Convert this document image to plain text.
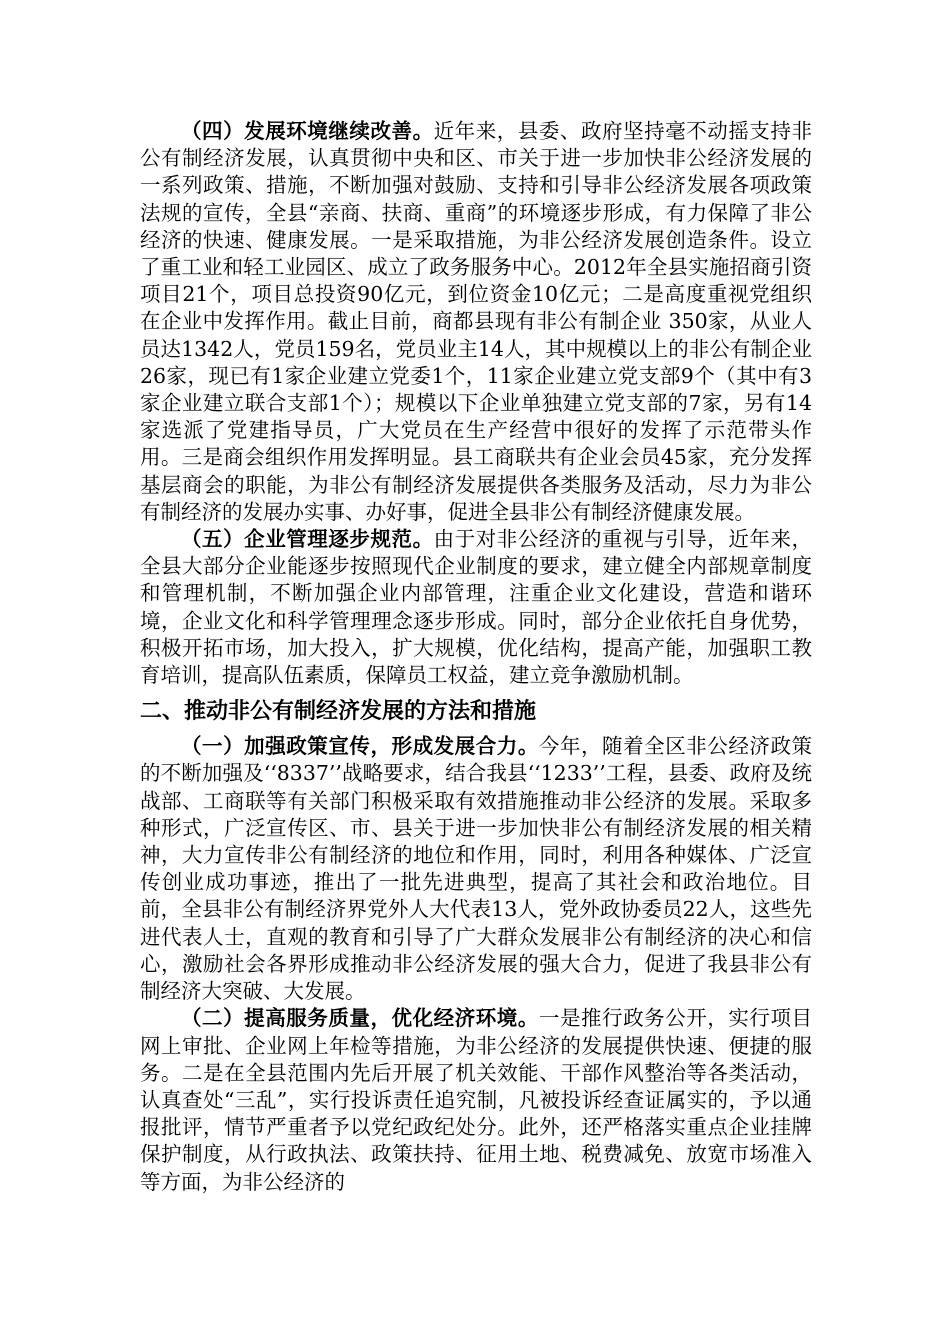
（四）发展环境继续改善。近年来，县委、政府坚持毫不动摇支持非公有制经济发展，认真贯彻中央和区、市关于进一步加快非公经济发展的一系列政策、措施，不断加强对鼓励、支持和引导非公经济发展各项政策法规的宣传，全县“亲商、扶商、重商”的环境逐步形成，有力保障了非公经济的快速、健康发展。一是采取措施，为非公经济发展创造条件。设立了重工业和轻工业园区、成立了政务服务中心。2012年全县实施招商引资项目21个，项目总投资90亿元，到位资金10亿元；二是高度重视党组织在企业中发挥作用。截止目前，商都县现有非公有制企业 350家，从业人员达1342人，党员159名，党员业主14人，其中规模以上的非公有制企业26家，现已有1家企业建立党委1个，11家企业建立党支部9个（其中有3家企业建立联合支部1个）；规模以下企业单独建立党支部的7家，另有14家选派了党建指导员，广大党员在生产经营中很好的发挥了示范带头作用。三是商会组织作用发挥明显。县工商联共有企业会员45家，充分发挥基层商会的职能，为非公有制经济发展提供各类服务及活动，尽力为非公有制经济的发展办实事、办好事，促进全县非公有制经济健康发展。

（五）企业管理逐步规范。由于对非公经济的重视与引导，近年来，全县大部分企业能逐步按照现代企业制度的要求，建立健全内部规章制度和管理机制，不断加强企业内部管理，注重企业文化建设，营造和谐环境，企业文化和科学管理理念逐步形成。同时，部分企业依托自身优势，积极开拓市场，加大投入，扩大规模，优化结构，提高产能，加强职工教育培训，提高队伍素质，保障员工权益，建立竞争激励机制。

二、推动非公有制经济发展的方法和措施

（一）加强政策宣传，形成发展合力。今年，随着全区非公经济政策的不断加强及‘‘8337’’战略要求，结合我县‘‘1233’’工程，县委、政府及统战部、工商联等有关部门积极采取有效措施推动非公经济的发展。采取多种形式，广泛宣传区、市、县关于进一步加快非公有制经济发展的相关精神，大力宣传非公有制经济的地位和作用，同时，利用各种媒体、广泛宣传创业成功事迹，推出了一批先进典型，提高了其社会和政治地位。目前，全县非公有制经济界党外人大代表13人，党外政协委员22人，这些先进代表人士，直观的教育和引导了广大群众发展非公有制经济的决心和信心，激励社会各界形成推动非公经济发展的强大合力，促进了我县非公有制经济大突破、大发展。

（二）提高服务质量，优化经济环境。一是推行政务公开，实行项目网上审批、企业网上年检等措施，为非公经济的发展提供快速、便捷的服务。二是在全县范围内先后开展了机关效能、干部作风整治等各类活动，认真查处“三乱”，实行投诉责任追究制，凡被投诉经查证属实的，予以通报批评，情节严重者予以党纪政纪处分。此外，还严格落实重点企业挂牌保护制度，从行政执法、政策扶持、征用土地、税费减免、放宽市场准入等方面，为非公经济的
